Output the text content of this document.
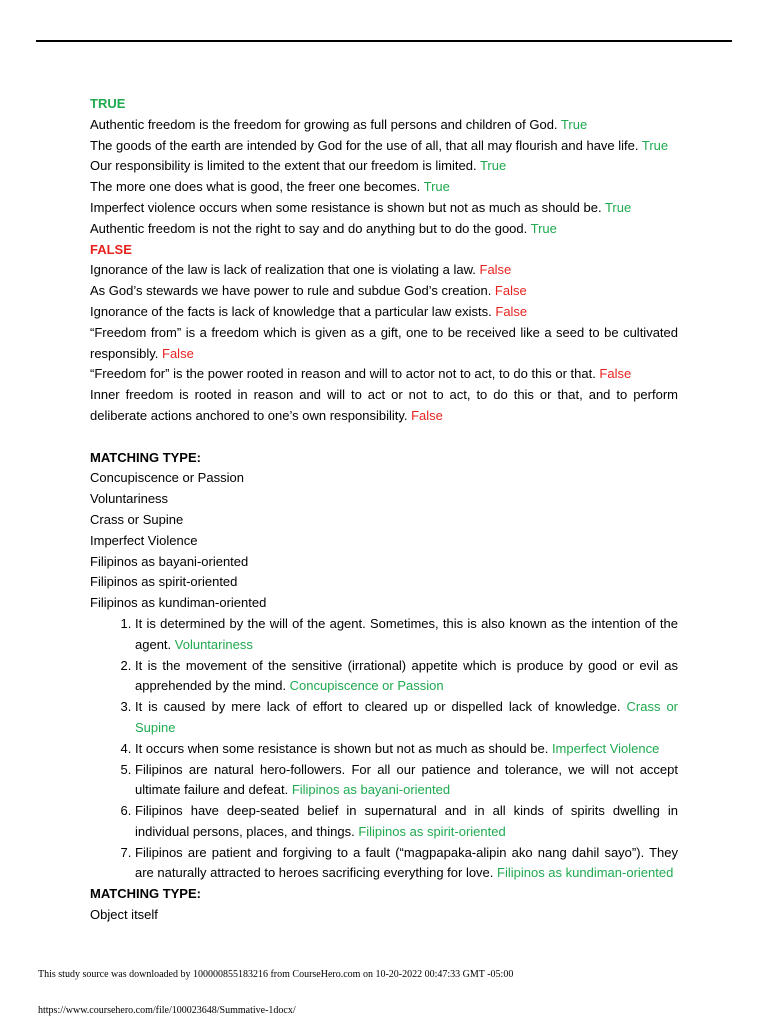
TRUE
Authentic freedom is the freedom for growing as full persons and children of God. True
The goods of the earth are intended by God for the use of all, that all may flourish and have life. True
Our responsibility is limited to the extent that our freedom is limited. True
The more one does what is good, the freer one becomes. True
Imperfect violence occurs when some resistance is shown but not as much as should be. True
Authentic freedom is not the right to say and do anything but to do the good. True
FALSE
Ignorance of the law is lack of realization that one is violating a law. False
As God’s stewards we have power to rule and subdue God’s creation. False
Ignorance of the facts is lack of knowledge that a particular law exists. False
“Freedom from” is a freedom which is given as a gift, one to be received like a seed to be cultivated responsibly. False
“Freedom for” is the power rooted in reason and will to actor not to act, to do this or that. False
Inner freedom is rooted in reason and will to act or not to act, to do this or that, and to perform deliberate actions anchored to one’s own responsibility. False
MATCHING TYPE:
Concupiscence or Passion
Voluntariness
Crass or Supine
Imperfect Violence
Filipinos as bayani-oriented
Filipinos as spirit-oriented
Filipinos as kundiman-oriented
1. It is determined by the will of the agent. Sometimes, this is also known as the intention of the agent. Voluntariness
2. It is the movement of the sensitive (irrational) appetite which is produce by good or evil as apprehended by the mind. Concupiscence or Passion
3. It is caused by mere lack of effort to cleared up or dispelled lack of knowledge. Crass or Supine
4. It occurs when some resistance is shown but not as much as should be. Imperfect Violence
5. Filipinos are natural hero-followers. For all our patience and tolerance, we will not accept ultimate failure and defeat. Filipinos as bayani-oriented
6. Filipinos have deep-seated belief in supernatural and in all kinds of spirits dwelling in individual persons, places, and things. Filipinos as spirit-oriented
7. Filipinos are patient and forgiving to a fault (“magpapaka-alipin ako nang dahil sayo”). They are naturally attracted to heroes sacrificing everything for love. Filipinos as kundiman-oriented
MATCHING TYPE:
Object itself
This study source was downloaded by 100000855183216 from CourseHero.com on 10-20-2022 00:47:33 GMT -05:00
https://www.coursehero.com/file/100023648/Summative-1docx/
